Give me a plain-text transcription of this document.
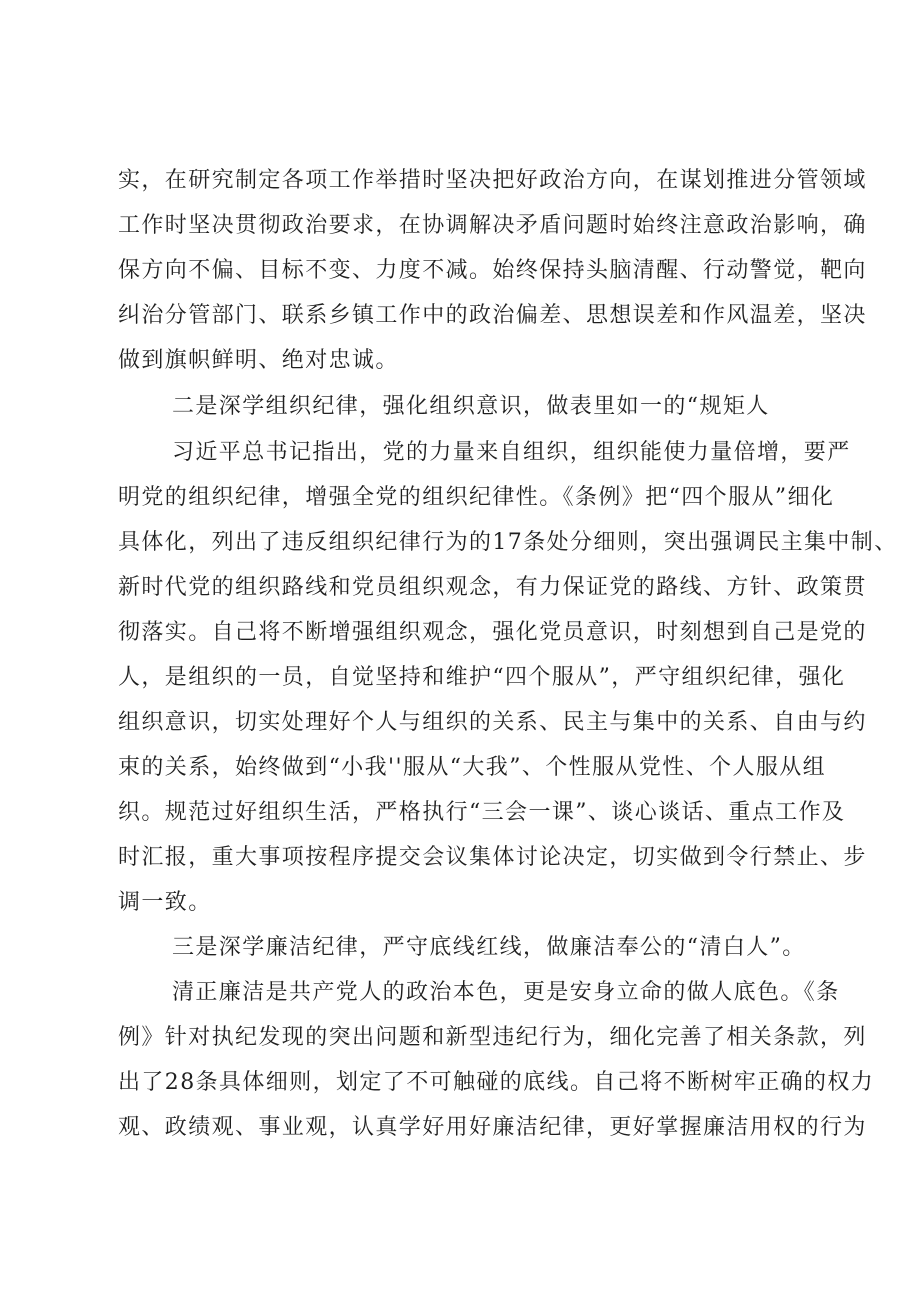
实，在研究制定各项工作举措时坚决把好政治方向，在谋划推进分管领域
工作时坚决贯彻政治要求，在协调解决矛盾问题时始终注意政治影响，确
保方向不偏、目标不变、力度不减。始终保持头脑清醒、行动警觉，靶向
纠治分管部门、联系乡镇工作中的政治偏差、思想误差和作风温差，坚决
做到旗帜鲜明、绝对忠诚。
二是深学组织纪律，强化组织意识，做表里如一的“规矩人
习近平总书记指出，党的力量来自组织，组织能使力量倍增，要严
明党的组织纪律，增强全党的组织纪律性。《条例》把“四个服从”细化
具体化，列出了违反组织纪律行为的17条处分细则，突出强调民主集中制、
新时代党的组织路线和党员组织观念，有力保证党的路线、方针、政策贯
彻落实。自己将不断增强组织观念，强化党员意识，时刻想到自己是党的
人，是组织的一员，自觉坚持和维护“四个服从”，严守组织纪律，强化
组织意识，切实处理好个人与组织的关系、民主与集中的关系、自由与约
束的关系，始终做到“小我''服从“大我”、个性服从党性、个人服从组
织。规范过好组织生活，严格执行“三会一课”、谈心谈话、重点工作及
时汇报，重大事项按程序提交会议集体讨论决定，切实做到令行禁止、步
调一致。
三是深学廉洁纪律，严守底线红线，做廉洁奉公的“清白人”。
清正廉洁是共产党人的政治本色，更是安身立命的做人底色。《条
例》针对执纪发现的突出问题和新型违纪行为，细化完善了相关条款，列
出了28条具体细则，划定了不可触碰的底线。自己将不断树牢正确的权力
观、政绩观、事业观，认真学好用好廉洁纪律，更好掌握廉洁用权的行为
